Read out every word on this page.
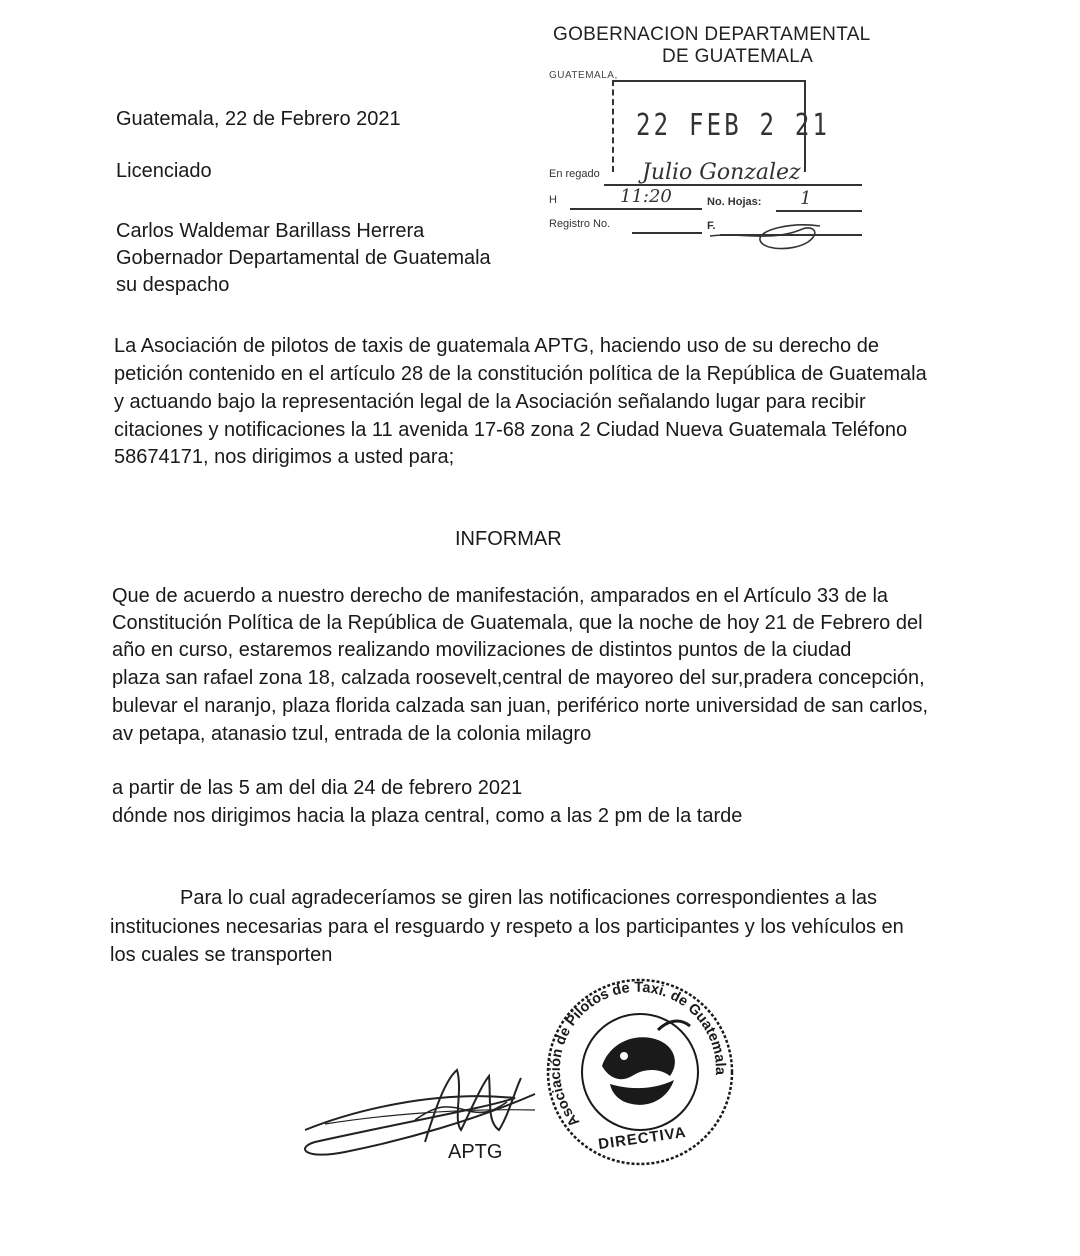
GOBERNACION DEPARTAMENTAL
DE GUATEMALA
GUATEMALA,
22 FEB 2 21
En regado Julio Gonzalez
H	11:20	No. Hojas: 1
Registro No.	F.
Guatemala, 22 de Febrero 2021
Licenciado
Carlos Waldemar Barillass Herrera
Gobernador Departamental de Guatemala
su despacho
La Asociación de pilotos de taxis de guatemala APTG, haciendo uso de su derecho de
petición contenido en el artículo 28 de la constitución política de la República de Guatemala
y actuando bajo la representación legal de la Asociación señalando lugar para recibir
citaciones y notificaciones la 11 avenida 17-68 zona 2 Ciudad Nueva Guatemala Teléfono
58674171, nos dirigimos a usted para;
INFORMAR
Que de acuerdo a nuestro derecho de manifestación, amparados en el Artículo 33 de la
Constitución Política de la República de Guatemala, que la noche de hoy 21 de Febrero del
año en curso, estaremos realizando movilizaciones de distintos puntos de la ciudad
plaza san rafael zona 18, calzada roosevelt,central de mayoreo del sur,pradera concepción,
bulevar el naranjo, plaza florida calzada san juan, periférico norte universidad de san carlos,
av petapa, atanasio tzul, entrada de la colonia milagro
a partir de las 5 am del dia 24 de febrero 2021
dónde nos dirigimos hacia la plaza central, como a las 2 pm de la tarde
Para lo cual agradeceríamos se giren las notificaciones correspondientes a las
instituciones necesarias para el resguardo y respeto a los participantes y los vehículos en
los cuales se transporten
APTG
Asociación de Pilotos de Taxi. de Guatemala
DIRECTIVA
